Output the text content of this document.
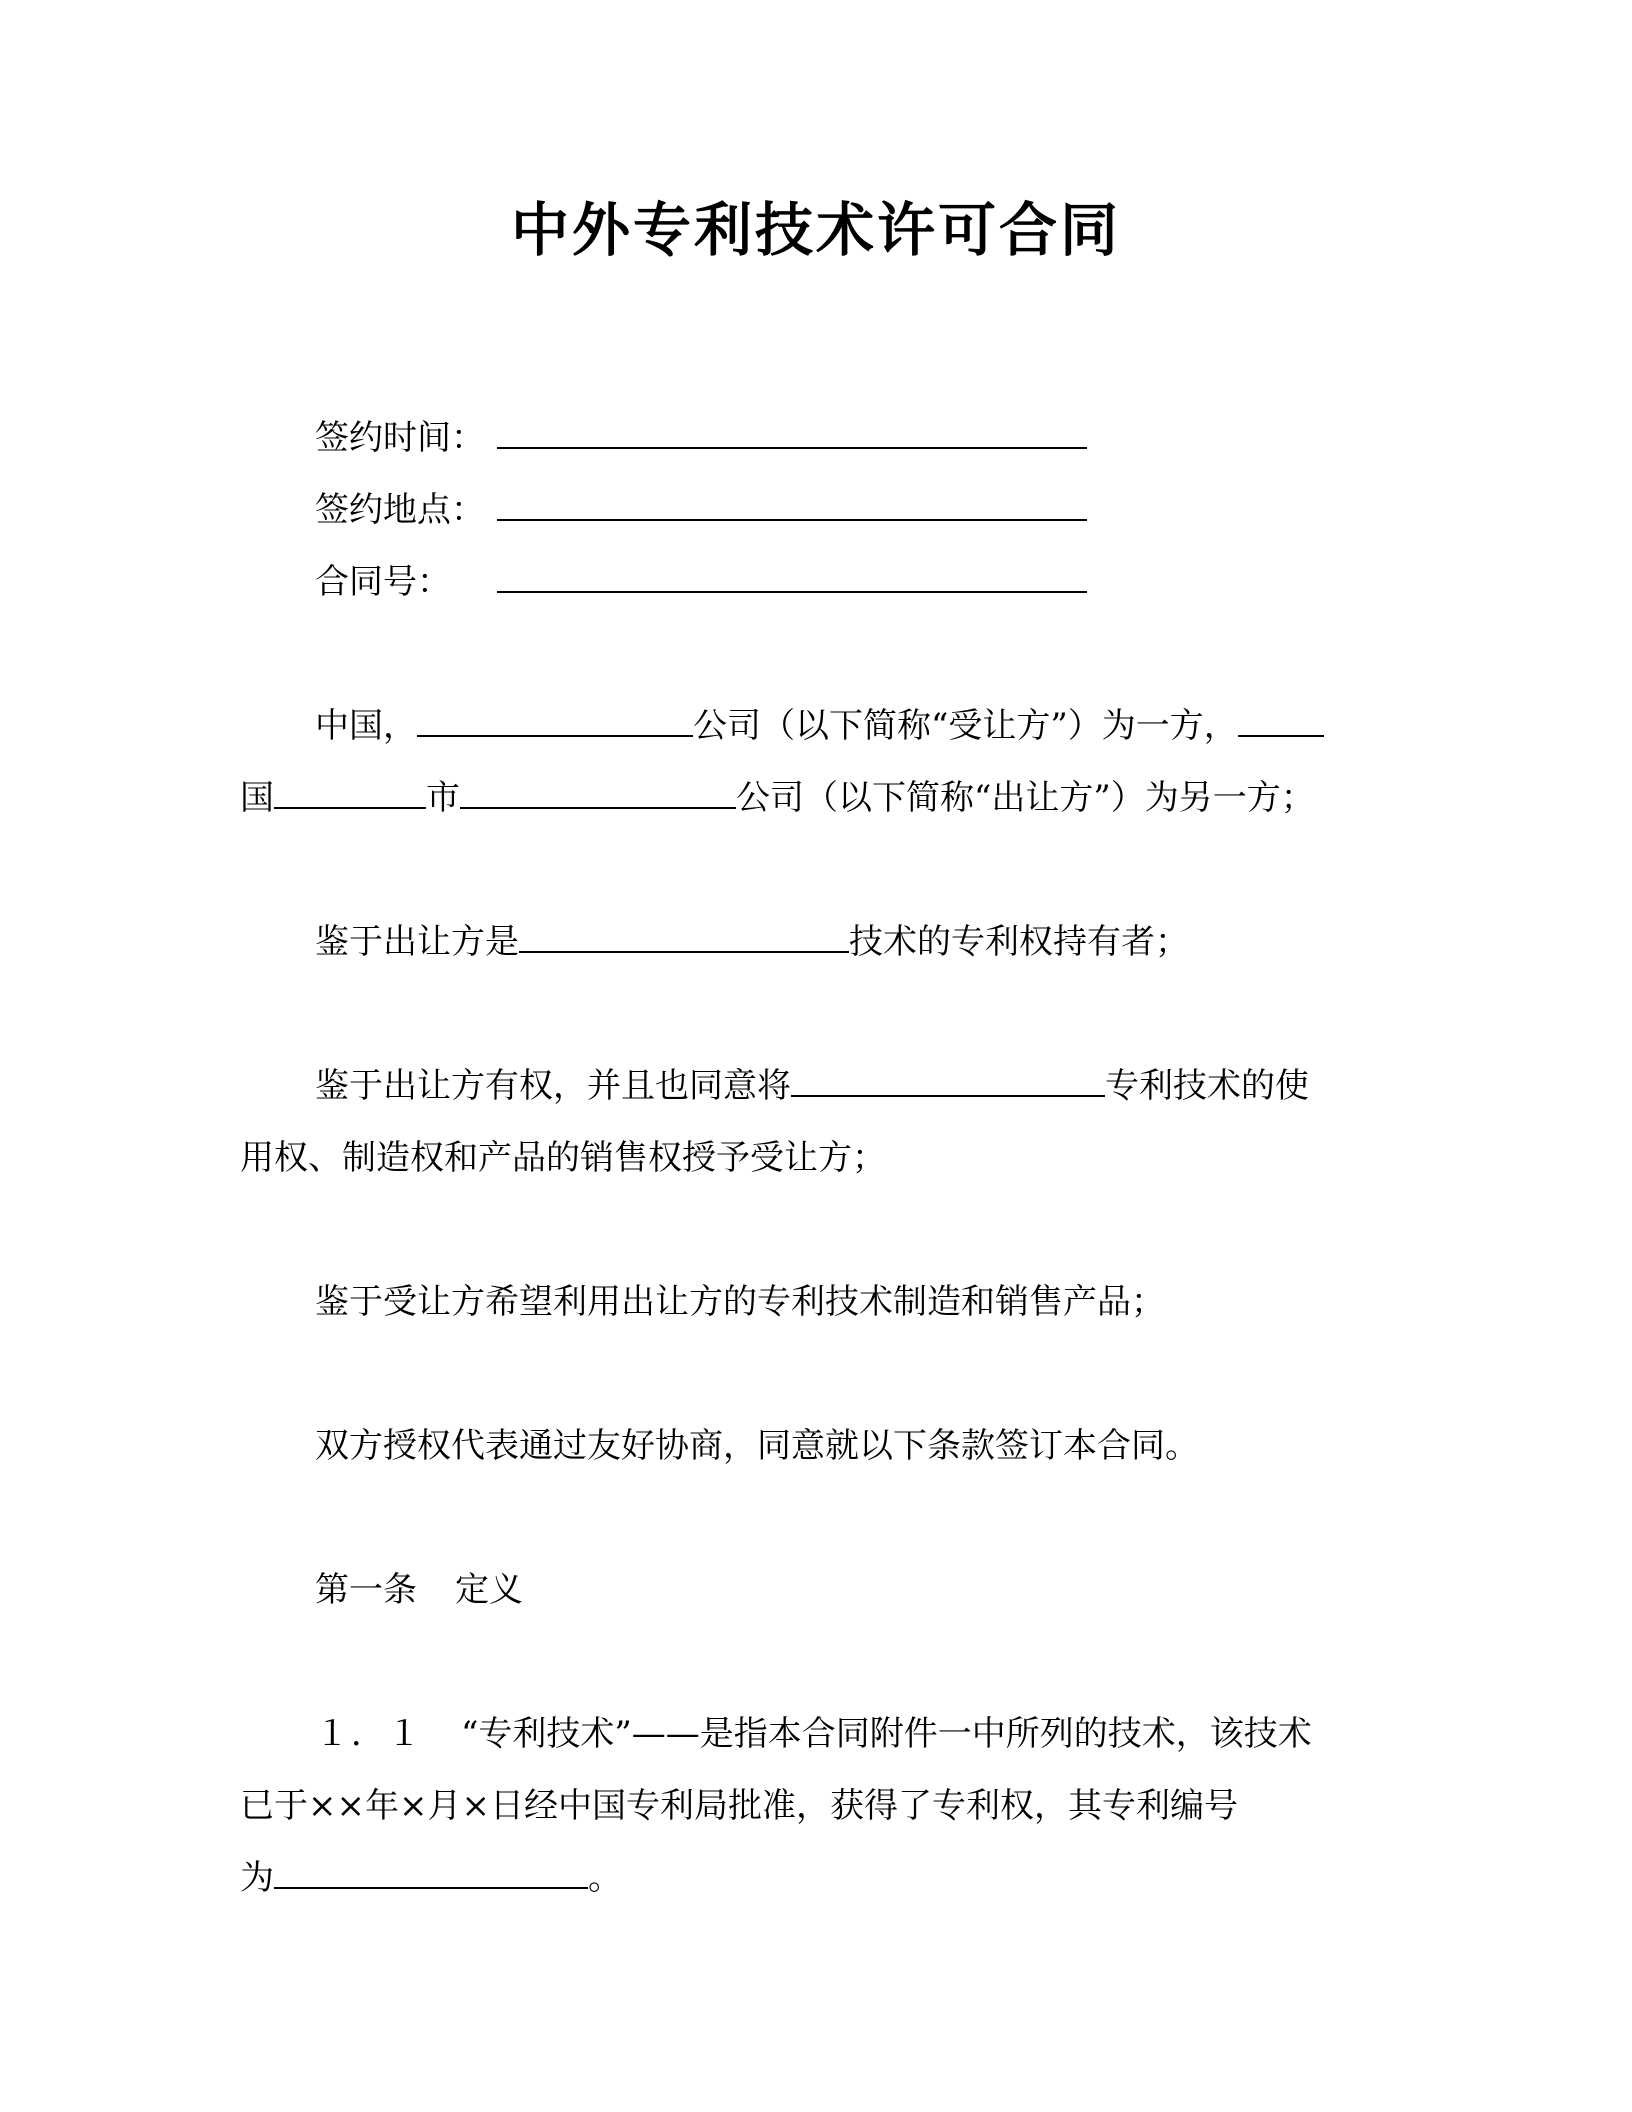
中外专利技术许可合同
签约时间：
签约地点：
合同号：
中国，	公司（以下简称“受让方”）为一方，
国	市	公司（以下简称“出让方”）为另一方；
鉴于出让方是	技术的专利权持有者；
鉴于出让方有权，并且也同意将	专利技术的使
用权、制造权和产品的销售权授予受让方；
鉴于受让方希望利用出让方的专利技术制造和销售产品；
双方授权代表通过友好协商，同意就以下条款签订本合同。
第一条 定义
１．１ “专利技术”——是指本合同附件一中所列的技术，该技术
已于××年×月×日经中国专利局批准，获得了专利权，其专利编号
为	。
